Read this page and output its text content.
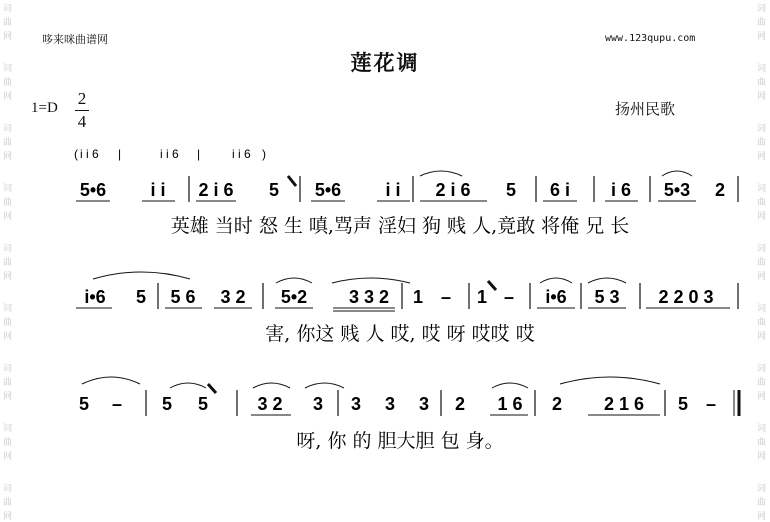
词
曲
网
词
曲
网
词
曲
网
词
曲
网
词
曲
网
词
曲
网
词
曲
网
词
曲
网
词
曲
网
词
曲
网
词
曲
网
词
曲
网
词
曲
网
词
曲
网
词
曲
网
词
曲
网
词
曲
网
词
曲
网
哆来咪曲谱网	www.123qupu.com
莲花调
1=D 2
4
扬州民歌
( i i 6 |	i i 6 |	i i 6 )
5•6 i i 2 i 6 5 5•6 i i 2 i 6 5 6 i i 6 5•3 2
英雄 当时 怒 生 嗔,骂声 淫妇 狗 贱 人,竟敢 将俺 兄 长
i•6 5 5 6 3 2 5•2 3 3 2 1 – 1 – i•6 5 3 2 2 0 3
害, 你这 贱 人 哎, 哎 呀 哎哎 哎
5 – 5 5	3 2 3 3 3 3 2 1 6 2 2 1 6 5 –
呀, 你 的 胆大胆 包 身。
